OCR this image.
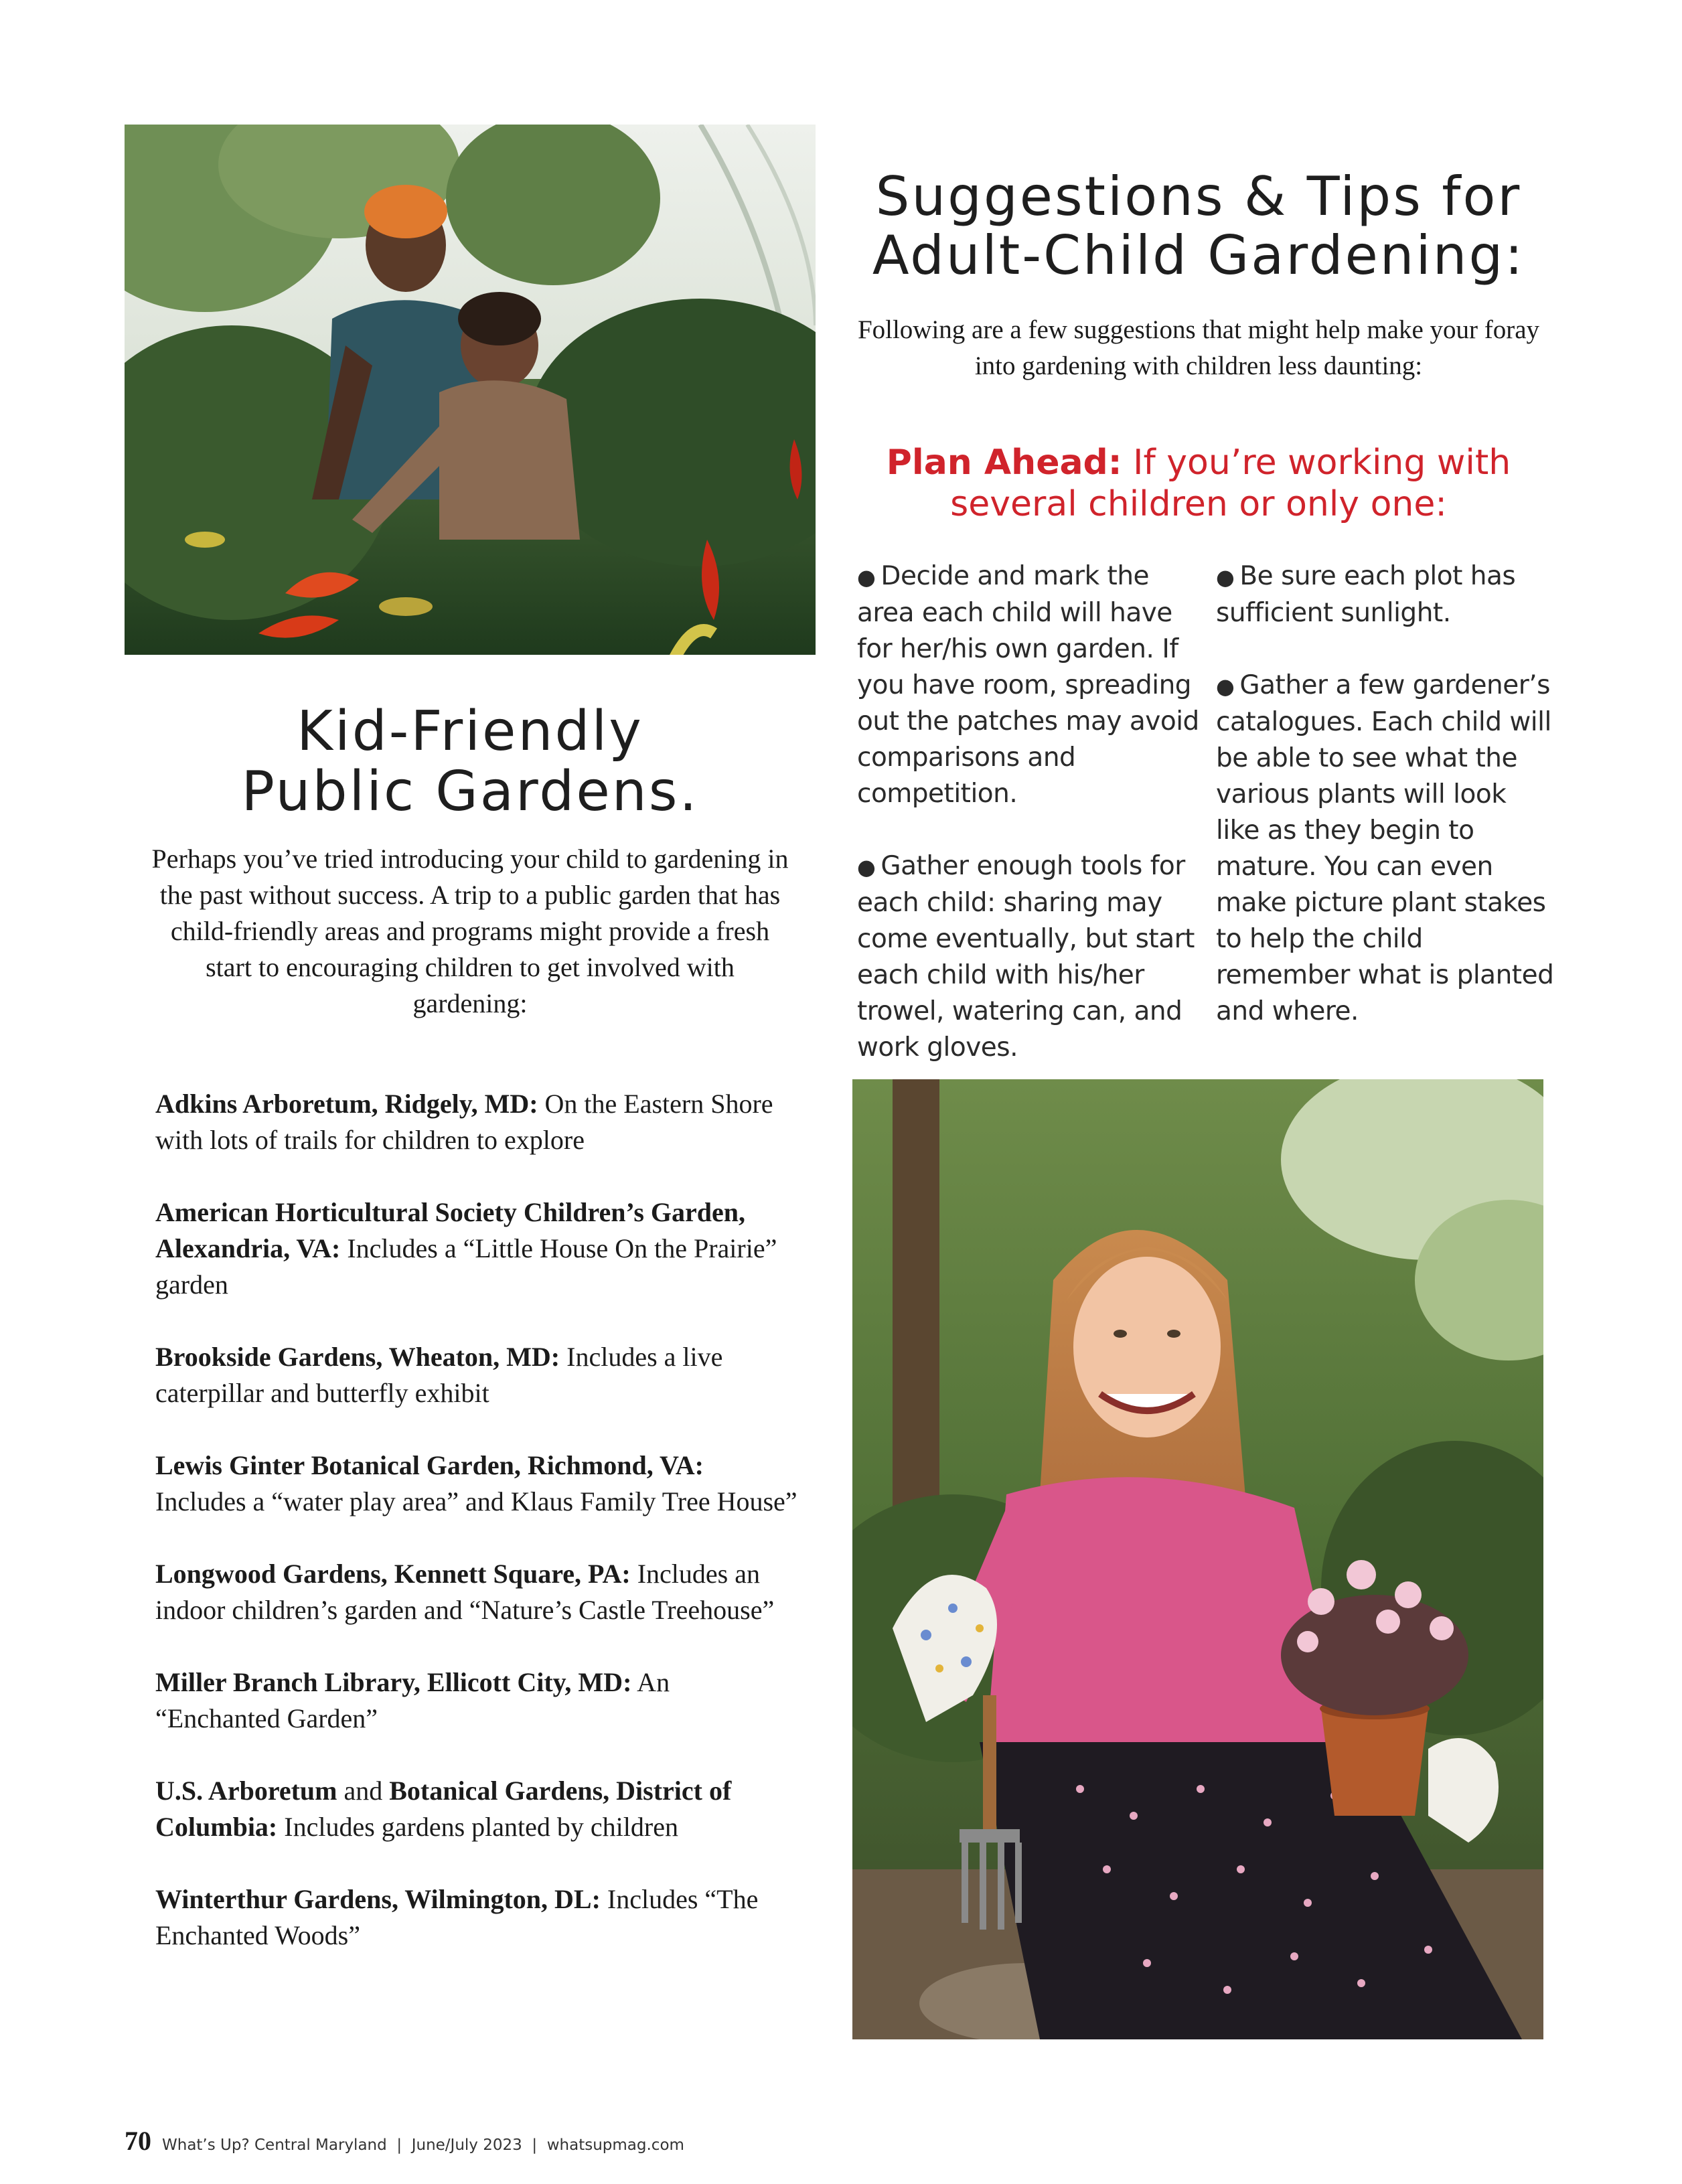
Suggestions & Tips for
Adult-Child Gardening:

Following are a few suggestions that might help make your foray into gardening with children less daunting:

Plan Ahead: If you’re working with several children or only one:

● Decide and mark the area each child will have for her/his own garden. If you have room, spreading out the patches may avoid comparisons and competition.

● Gather enough tools for each child: sharing may come eventually, but start each child with his/her trowel, watering can, and work gloves.

● Be sure each plot has sufficient sunlight.

● Gather a few gardener’s catalogues. Each child will be able to see what the various plants will look like as they begin to mature. You can even make picture plant stakes to help the child remember what is planted and where.

Kid-Friendly
Public Gardens.

Perhaps you’ve tried introducing your child to gardening in the past without success. A trip to a public garden that has child-friendly areas and programs might provide a fresh start to encouraging children to get involved with gardening:

Adkins Arboretum, Ridgely, MD: On the Eastern Shore with lots of trails for children to explore

American Horticultural Society Children’s Garden, Alexandria, VA: Includes a “Little House On the Prairie” garden

Brookside Gardens, Wheaton, MD: Includes a live caterpillar and butterfly exhibit

Lewis Ginter Botanical Garden, Richmond, VA: Includes a “water play area” and Klaus Family Tree House”

Longwood Gardens, Kennett Square, PA: Includes an indoor children’s garden and “Nature’s Castle Treehouse”

Miller Branch Library, Ellicott City, MD: An “Enchanted Garden”

U.S. Arboretum and Botanical Gardens, District of Columbia: Includes gardens planted by children

Winterthur Gardens, Wilmington, DL: Includes “The Enchanted Woods”

70 What’s Up? Central Maryland  |  June/July 2023  |  whatsupmag.com
